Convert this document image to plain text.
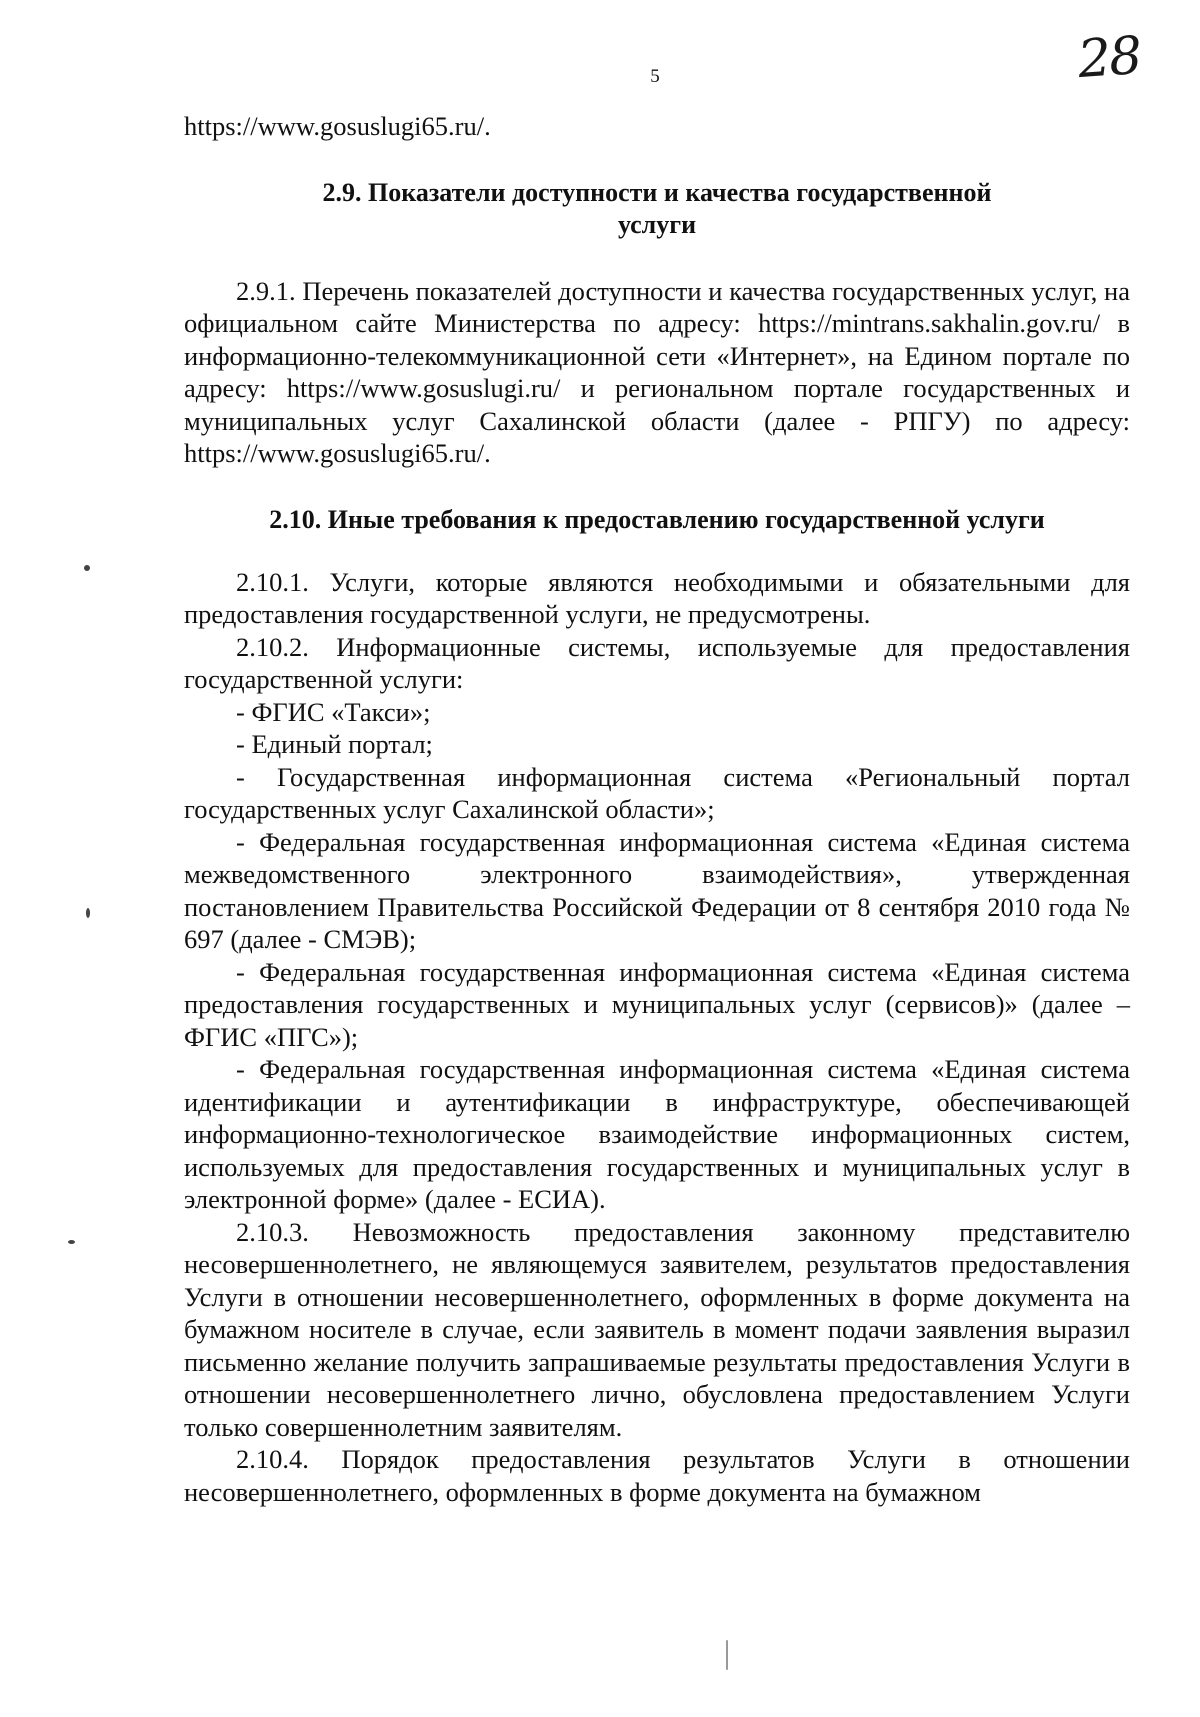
5	28

https://www.gosuslugi65.ru/.

2.9. Показатели доступности и качества государственной

услуги

2.9.1. Перечень показателей доступности и качества государственных услуг, на официальном сайте Министерства по адресу: https://mintrans.sakhalin.gov.ru/ в информационно-телекоммуникационной сети «Интернет», на Едином портале по адресу: https://www.gosuslugi.ru/ и региональном портале государственных и муниципальных услуг Сахалинской области (далее - РПГУ) по адресу: https://www.gosuslugi65.ru/.

2.10. Иные требования к предоставлению государственной услуги

2.10.1. Услуги, которые являются необходимыми и обязательными для предоставления государственной услуги, не предусмотрены.

2.10.2. Информационные системы, используемые для предоставления государственной услуги:

- ФГИС «Такси»;

- Единый портал;

- Государственная информационная система «Региональный портал государственных услуг Сахалинской области»;

- Федеральная государственная информационная система «Единая система межведомственного электронного взаимодействия», утвержденная постановлением Правительства Российской Федерации от 8 сентября 2010 года № 697 (далее - СМЭВ);

- Федеральная государственная информационная система «Единая система предоставления государственных и муниципальных услуг (сервисов)» (далее – ФГИС «ПГС»);

- Федеральная государственная информационная система «Единая система идентификации и аутентификации в инфраструктуре, обеспечивающей информационно-технологическое взаимодействие информационных систем, используемых для предоставления государственных и муниципальных услуг в электронной форме» (далее - ЕСИА).

2.10.3. Невозможность предоставления законному представителю несовершеннолетнего, не являющемуся заявителем, результатов предоставления Услуги в отношении несовершеннолетнего, оформленных в форме документа на бумажном носителе в случае, если заявитель в момент подачи заявления выразил письменно желание получить запрашиваемые результаты предоставления Услуги в отношении несовершеннолетнего лично, обусловлена предоставлением Услуги только совершеннолетним заявителям.

2.10.4. Порядок предоставления результатов Услуги в отношении несовершеннолетнего, оформленных в форме документа на бумажном
